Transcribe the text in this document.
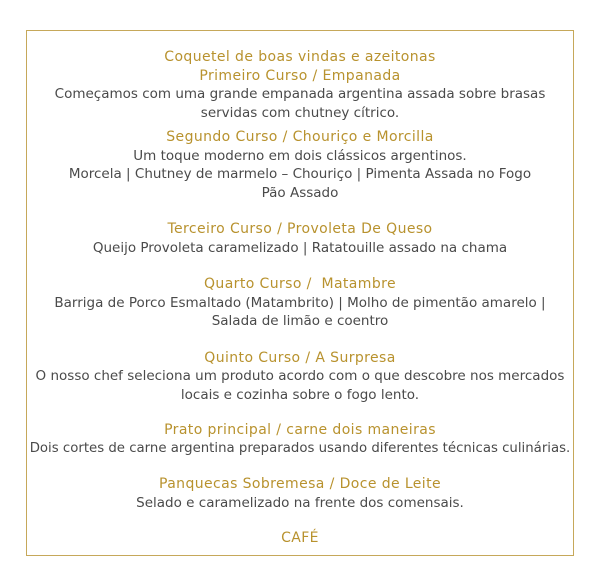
Coquetel de boas vindas e azeitonas
Primeiro Curso / Empanada
Começamos com uma grande empanada argentina assada sobre brasas
servidas com chutney cítrico.
Segundo Curso / Chouriço e Morcilla
Um toque moderno em dois clássicos argentinos.
Morcela | Chutney de marmelo – Chouriço | Pimenta Assada no Fogo
Pão Assado
Terceiro Curso / Provoleta De Queso
Queijo Provoleta caramelizado | Ratatouille assado na chama
Quarto Curso /  Matambre
Barriga de Porco Esmaltado (Matambrito) | Molho de pimentão amarelo |
Salada de limão e coentro
Quinto Curso / A Surpresa
O nosso chef seleciona um produto acordo com o que descobre nos mercados
locais e cozinha sobre o fogo lento.
Prato principal / carne dois maneiras
Dois cortes de carne argentina preparados usando diferentes técnicas culinárias.
Panquecas Sobremesa / Doce de Leite
Selado e caramelizado na frente dos comensais.
CAFÉ
